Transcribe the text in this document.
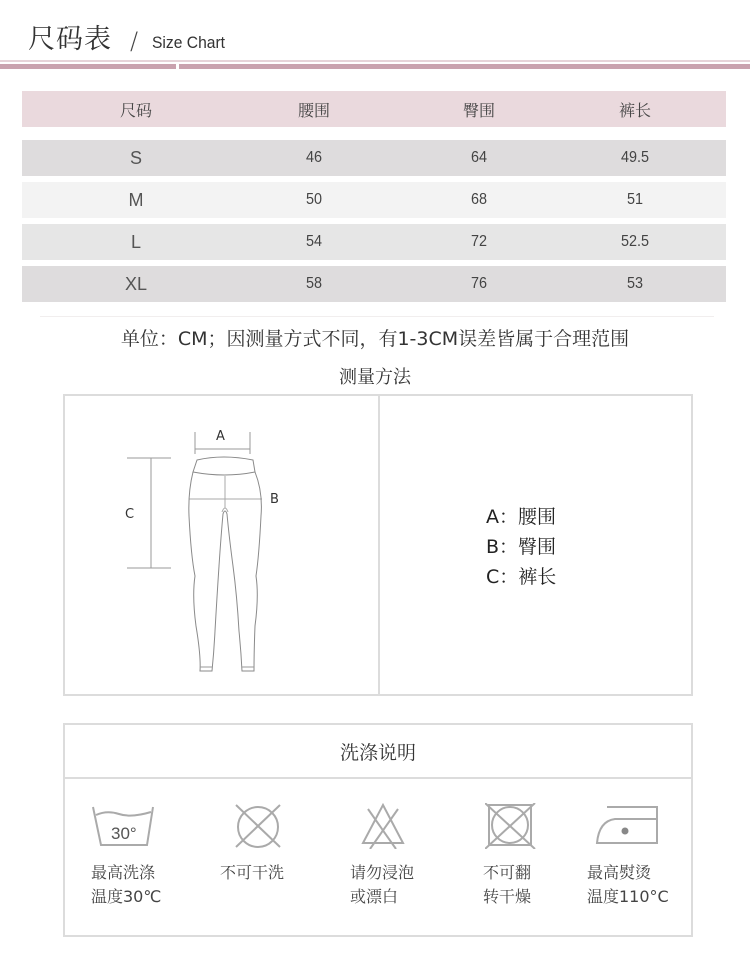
尺码表 / Size Chart
尺码	腰围	臀围	裤长
S	46	64	49.5
M	50	68	51
L	54	72	52.5
XL	58	76	53
单位：CM；因测量方式不同，有1-3CM误差皆属于合理范围
测量方法
A
B
C	A：腰围
B：臀围
C：裤长
洗涤说明
30°
最高洗涤
温度30℃
不可干洗	请勿浸泡
或漂白
不可翻
转干燥
最高熨烫
温度110°C
